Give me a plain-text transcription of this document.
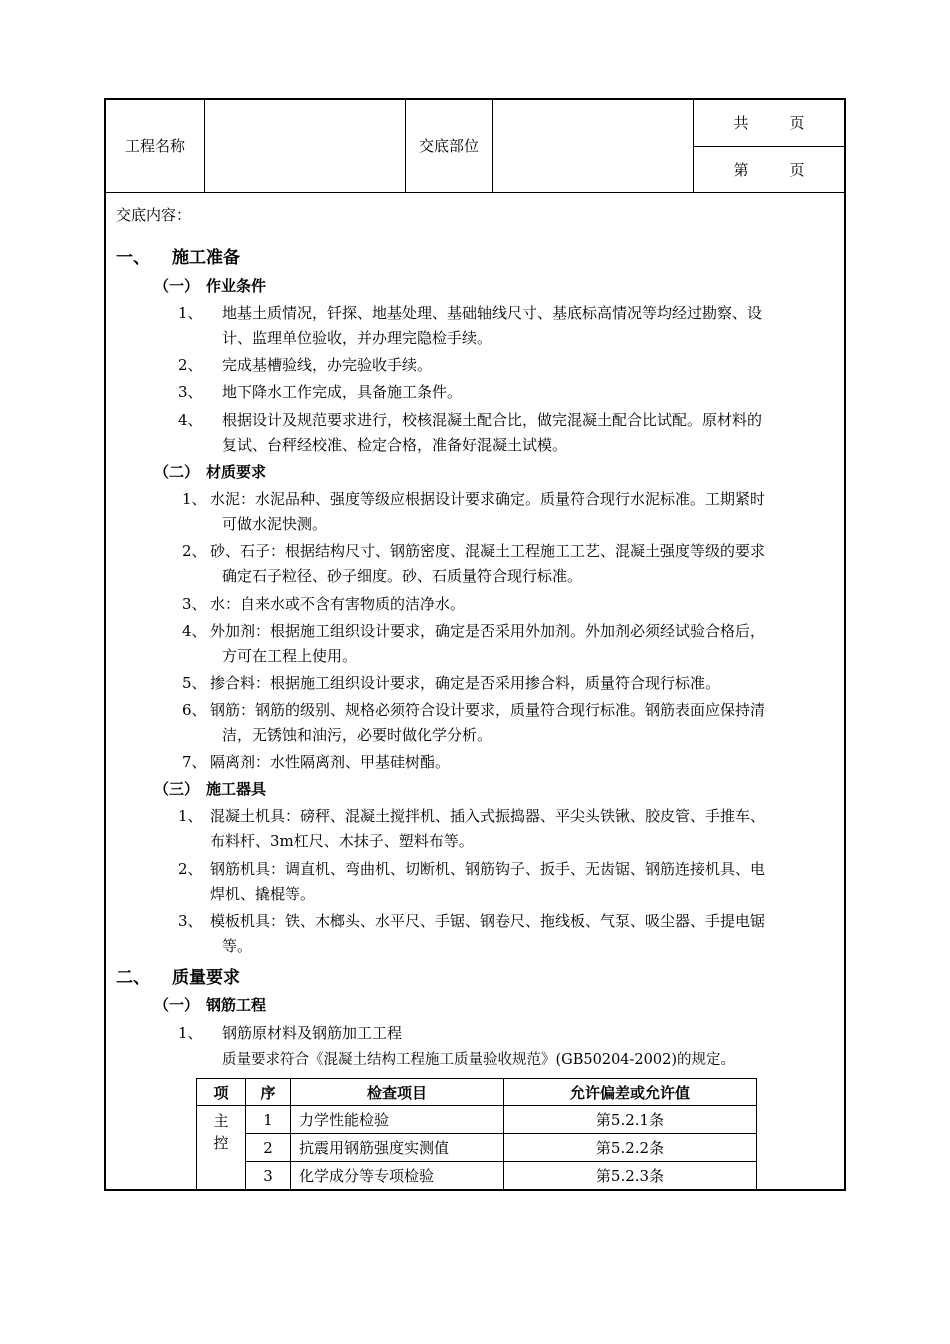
工程名称		交底部位		共	页
第	页
交底内容：
一、 施工准备
（一） 作业条件
1、 地基土质情况，钎探、地基处理、基础轴线尺寸、基底标高情况等均经过勘察、设
计、监理单位验收，并办理完隐检手续。
2、 完成基槽验线，办完验收手续。
3、 地下降水工作完成，具备施工条件。
4、 根据设计及规范要求进行，校核混凝土配合比，做完混凝土配合比试配。原材料的
复试、台秤经校准、检定合格，准备好混凝土试模。
（二） 材质要求
1、 水泥：水泥品种、强度等级应根据设计要求确定。质量符合现行水泥标准。工期紧时
可做水泥快测。
2、 砂、石子：根据结构尺寸、钢筋密度、混凝土工程施工工艺、混凝土强度等级的要求
确定石子粒径、砂子细度。砂、石质量符合现行标准。
3、 水：自来水或不含有害物质的洁净水。
4、 外加剂：根据施工组织设计要求，确定是否采用外加剂。外加剂必须经试验合格后，
方可在工程上使用。
5、 掺合料：根据施工组织设计要求，确定是否采用掺合料，质量符合现行标准。
6、 钢筋：钢筋的级别、规格必须符合设计要求，质量符合现行标准。钢筋表面应保持清
洁，无锈蚀和油污，必要时做化学分析。
7、 隔离剂：水性隔离剂、甲基硅树酯。
（三） 施工器具
1、 混凝土机具：磅秤、混凝土搅拌机、插入式振捣器、平尖头铁锹、胶皮管、手推车、
布料杆、3m杠尺、木抹子、塑料布等。
2、 钢筋机具：调直机、弯曲机、切断机、钢筋钩子、扳手、无齿锯、钢筋连接机具、电
焊机、撬棍等。
3、 模板机具：铁、木榔头、水平尺、手锯、钢卷尺、拖线板、气泵、吸尘器、手提电锯
等。
二、 质量要求
（一） 钢筋工程
1、 钢筋原材料及钢筋加工工程
质量要求符合《混凝土结构工程施工质量验收规范》(GB50204-2002)的规定。
项	序	检查项目	允许偏差或允许值
主
控	1	力学性能检验	第5.2.1条
	2	抗震用钢筋强度实测值	第5.2.2条
	3	化学成分等专项检验	第5.2.3条
